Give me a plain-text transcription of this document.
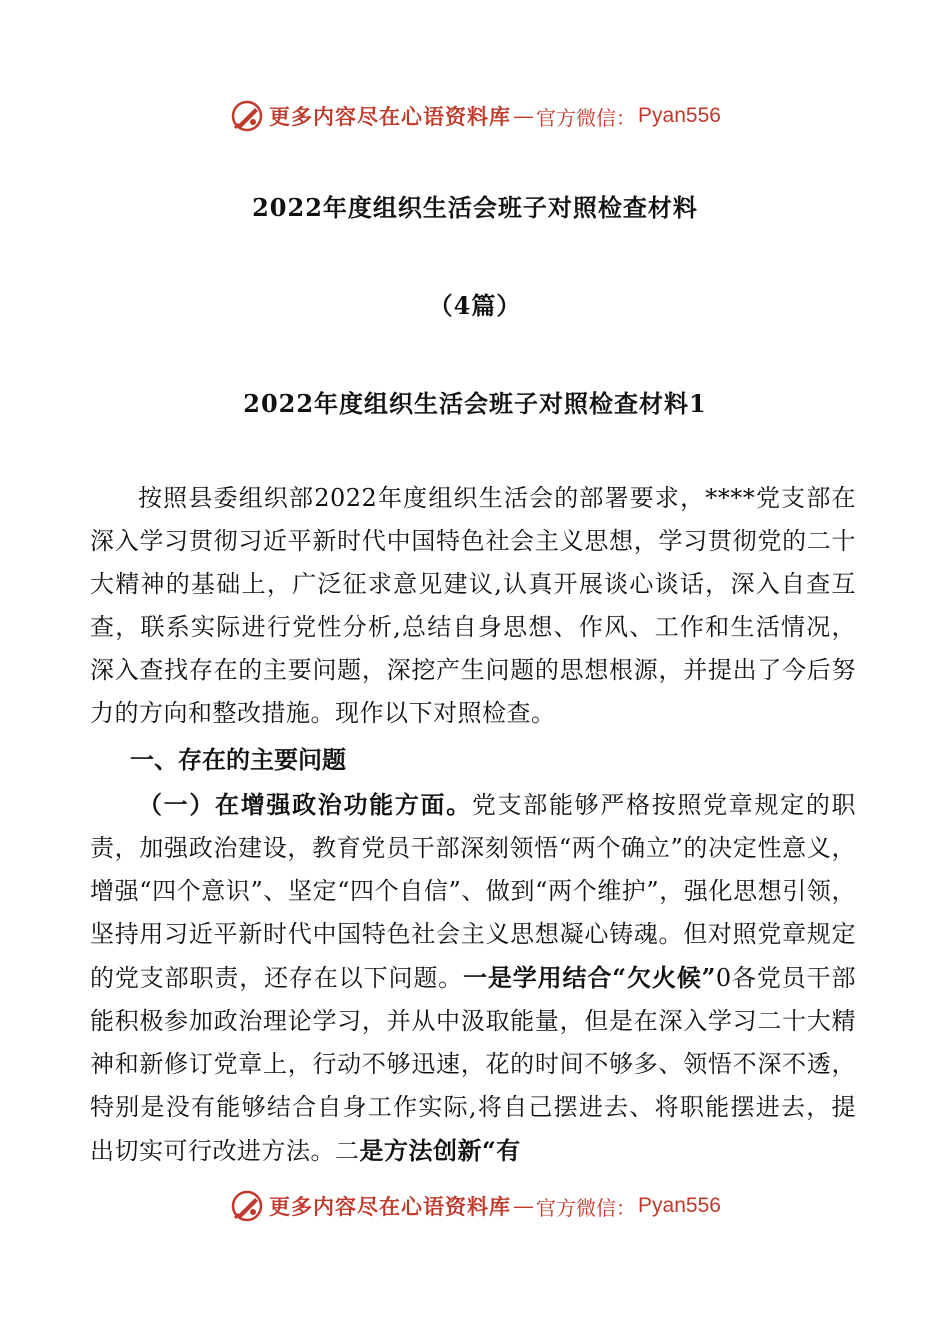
更多内容尽在心语资料库 — 官方微信： Pyan556
2022年度组织生活会班子对照检查材料
（4篇）
2022年度组织生活会班子对照检查材料1
按照县委组织部2022年度组织生活会的部署要求，****党支部在深入学习贯彻习近平新时代中国特色社会主义思想，学习贯彻党的二十大精神的基础上，广泛征求意见建议,认真开展谈心谈话，深入自查互查，联系实际进行党性分析,总结自身思想、作风、工作和生活情况，深入查找存在的主要问题，深挖产生问题的思想根源，并提出了今后努力的方向和整改措施。现作以下对照检查。
一、存在的主要问题
（一）在增强政治功能方面。党支部能够严格按照党章规定的职责，加强政治建设，教育党员干部深刻领悟“两个确立”的决定性意义，增强“四个意识”、坚定“四个自信”、做到“两个维护”，强化思想引领，坚持用习近平新时代中国特色社会主义思想凝心铸魂。但对照党章规定的党支部职责，还存在以下问题。一是学用结合“欠火候”0各党员干部能积极参加政治理论学习，并从中汲取能量，但是在深入学习二十大精神和新修订党章上，行动不够迅速，花的时间不够多、领悟不深不透，特别是没有能够结合自身工作实际,将自己摆进去、将职能摆进去，提出切实可行改进方法。二是方法创新“有
更多内容尽在心语资料库 — 官方微信： Pyan556
